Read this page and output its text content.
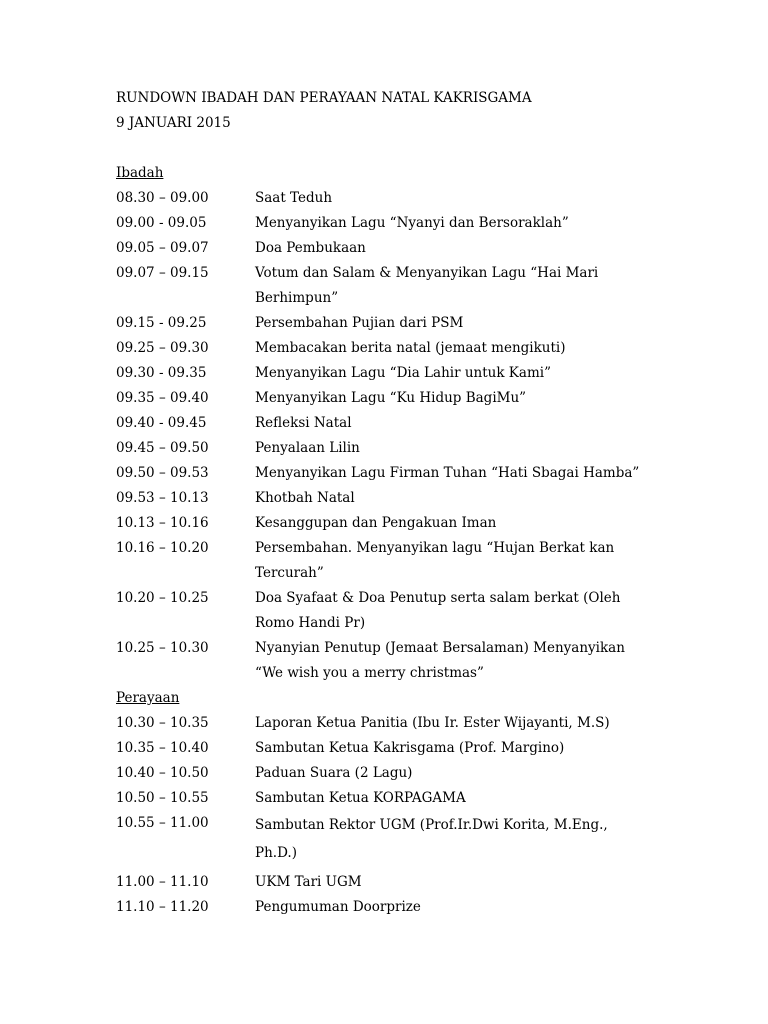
RUNDOWN IBADAH DAN PERAYAAN NATAL KAKRISGAMA
9 JANUARI 2015
Ibadah
08.30 – 09.00	Saat Teduh
09.00 - 09.05	Menyanyikan Lagu “Nyanyi dan Bersoraklah”
09.05 – 09.07	Doa Pembukaan
09.07 – 09.15	Votum dan Salam & Menyanyikan Lagu “Hai Mari
Berhimpun”
09.15 - 09.25	Persembahan Pujian dari PSM
09.25 – 09.30	Membacakan berita natal (jemaat mengikuti)
09.30 - 09.35	Menyanyikan Lagu “Dia Lahir untuk Kami”
09.35 – 09.40	Menyanyikan Lagu “Ku Hidup BagiMu”
09.40 - 09.45	Refleksi Natal
09.45 – 09.50	Penyalaan Lilin
09.50 – 09.53	Menyanyikan Lagu Firman Tuhan “Hati Sbagai Hamba”
09.53 – 10.13	Khotbah Natal
10.13 – 10.16	Kesanggupan dan Pengakuan Iman
10.16 – 10.20	Persembahan. Menyanyikan lagu “Hujan Berkat kan
Tercurah”
10.20 – 10.25	Doa Syafaat & Doa Penutup serta salam berkat (Oleh
Romo Handi Pr)
10.25 – 10.30	Nyanyian Penutup (Jemaat Bersalaman) Menyanyikan
“We wish you a merry christmas”
Perayaan
10.30 – 10.35	Laporan Ketua Panitia (Ibu Ir. Ester Wijayanti, M.S)
10.35 – 10.40	Sambutan Ketua Kakrisgama (Prof. Margino)
10.40 – 10.50	Paduan Suara (2 Lagu)
10.50 – 10.55	Sambutan Ketua KORPAGAMA
10.55 – 11.00	Sambutan Rektor UGM (Prof.Ir.Dwi Korita, M.Eng.,
Ph.D.)
11.00 – 11.10	UKM Tari UGM
11.10 – 11.20	Pengumuman Doorprize
